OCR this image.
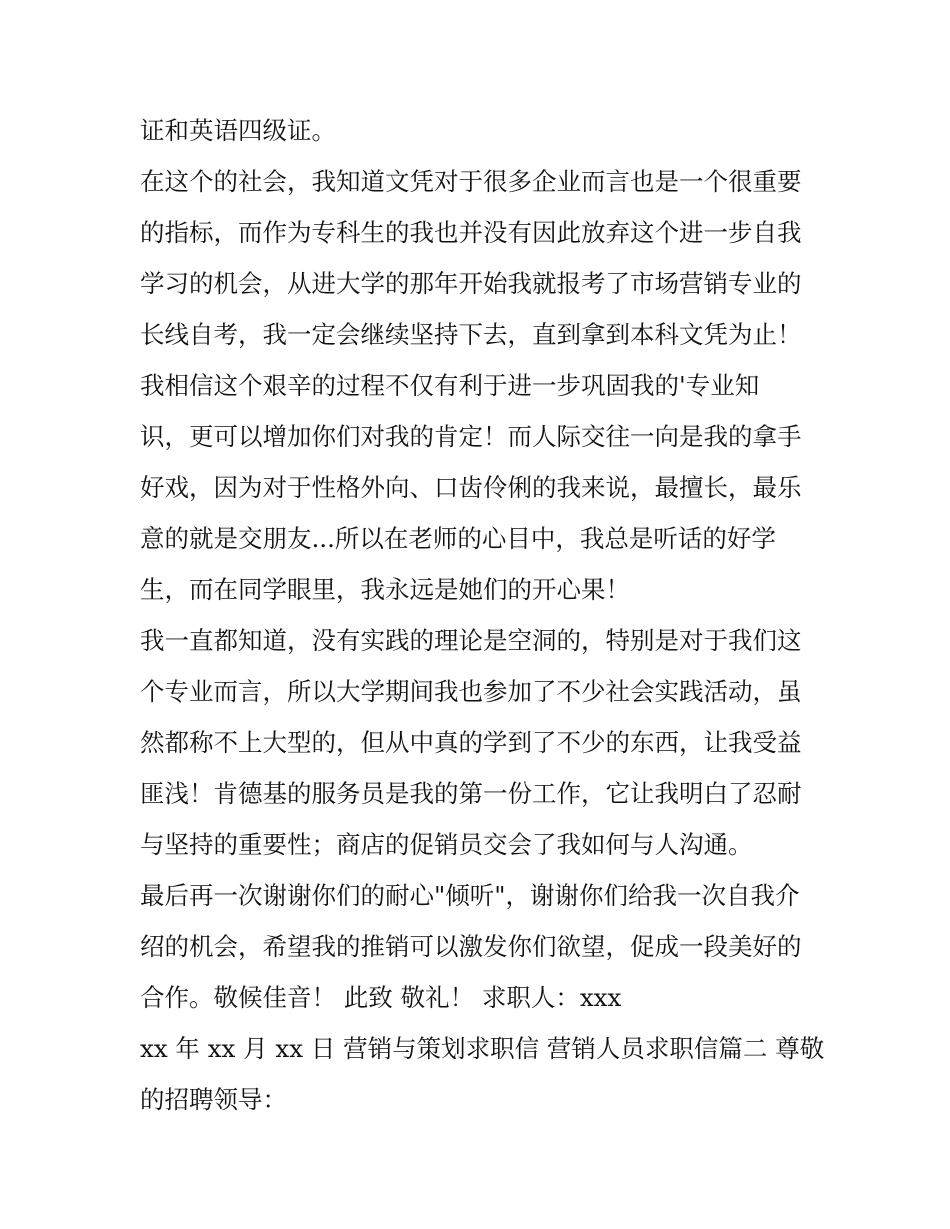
证和英语四级证。

在这个的社会，我知道文凭对于很多企业而言也是一个很重要

的指标，而作为专科生的我也并没有因此放弃这个进一步自我

学习的机会，从进大学的那年开始我就报考了市场营销专业的

长线自考，我一定会继续坚持下去，直到拿到本科文凭为止！

我相信这个艰辛的过程不仅有利于进一步巩固我的'专业知

识，更可以增加你们对我的肯定！而人际交往一向是我的拿手

好戏，因为对于性格外向、口齿伶俐的我来说，最擅长，最乐

意的就是交朋友...所以在老师的心目中，我总是听话的好学

生，而在同学眼里，我永远是她们的开心果！

我一直都知道，没有实践的理论是空洞的，特别是对于我们这

个专业而言，所以大学期间我也参加了不少社会实践活动，虽

然都称不上大型的，但从中真的学到了不少的东西，让我受益

匪浅！肯德基的服务员是我的第一份工作，它让我明白了忍耐

与坚持的重要性；商店的促销员交会了我如何与人沟通。

最后再一次谢谢你们的耐心"倾听"，谢谢你们给我一次自我介

绍的机会，希望我的推销可以激发你们欲望，促成一段美好的

合作。敬候佳音！ 此致 敬礼！ 求职人：xxx

xx 年 xx 月 xx 日 营销与策划求职信 营销人员求职信篇二 尊敬

的招聘领导：
